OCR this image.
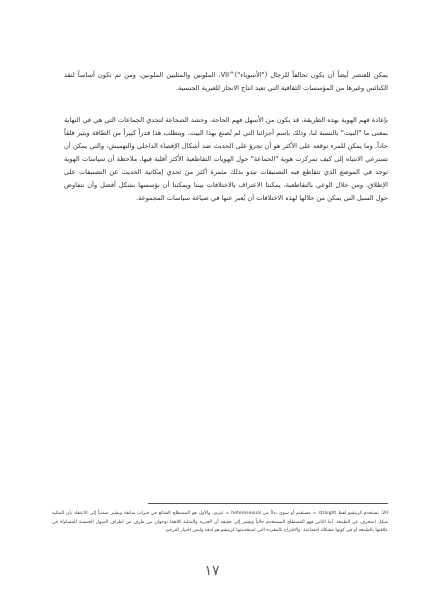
يمكن للعنصر أيضاً أن يكون تحالفاً للرجال ("الأسوياء")^VII، الملونين والمثليين الملونين، ومن ثم تكون أساساً لنقد الكنائس وغيرها من المؤسسات الثقافية التي تعيد انتاج الانجاز للغيرية الجنسية.

بإعادة فهم الهوية بهذه الطريقة، قد يكون من الأسهل فهم الحاجة، وحشد الشجاعة لتحدي الجماعات التي هي في النهاية بمعنى ما "البيت" بالنسبة لنا، وذلك باسم أجزائنا التي لم تُصنع بهذا البيت. ويتطلب هذا قدراً كبيراً من الطاقة ويثير قلقاً حاداً. وما يمكن للمرء توقعه على الأكثر هو أن تجرؤ على الحديث ضد أشكال الإقصاء الداخلي والتهميش، والتي يمكن أن تسترعي الانتباه إلى كيف تمركزت هوية "الجماعة" حول الهويات التقاطعية الأكثر أقلية فيها. ملاحظة أن سياسات الهوية توجد في الموضع الذي تتقاطع فيه التصنيفات تبدو بذلك مثمرة أكثر من تحدي إمكانية الحديث عن التصنيفات على الإطلاق. ومن خلال الوعي بالتقاطعية، يمكننا الاعتراف بالاختلافات بيننا ويمكننا أن نؤسسها بشكل أفضل وأن نتفاوض حول السبل التي يمكن من خلالها لهذه الاختلافات أن يُعبر عنها في صياغة سياسات المجموعة.

VII. تستخدم كرينشو لفظ straight = مستقيم أو سوي بدلاً من heterosexual = غيري، والأول هو المصطلح الشائع في فترات سابقة ويشير ضمنياً إلى الاعتقاد بأن المثلية شكل (منحرف عن الطبيعة. أما الثاني فهو المصطلح المستخدم حالياً ويشير إلى حقيقة أن الغيرية والمثلية كلاهما توجهان بين طرف من أطراف الميول الجنسية للمساواة في علاقتها بالطبيعة أو في كونها مشكلة اجتماعية. والاقتراح بالمفردة التي استخدمتها كرينشو هو لدقة وليس اختيار للترجم.

١٧
